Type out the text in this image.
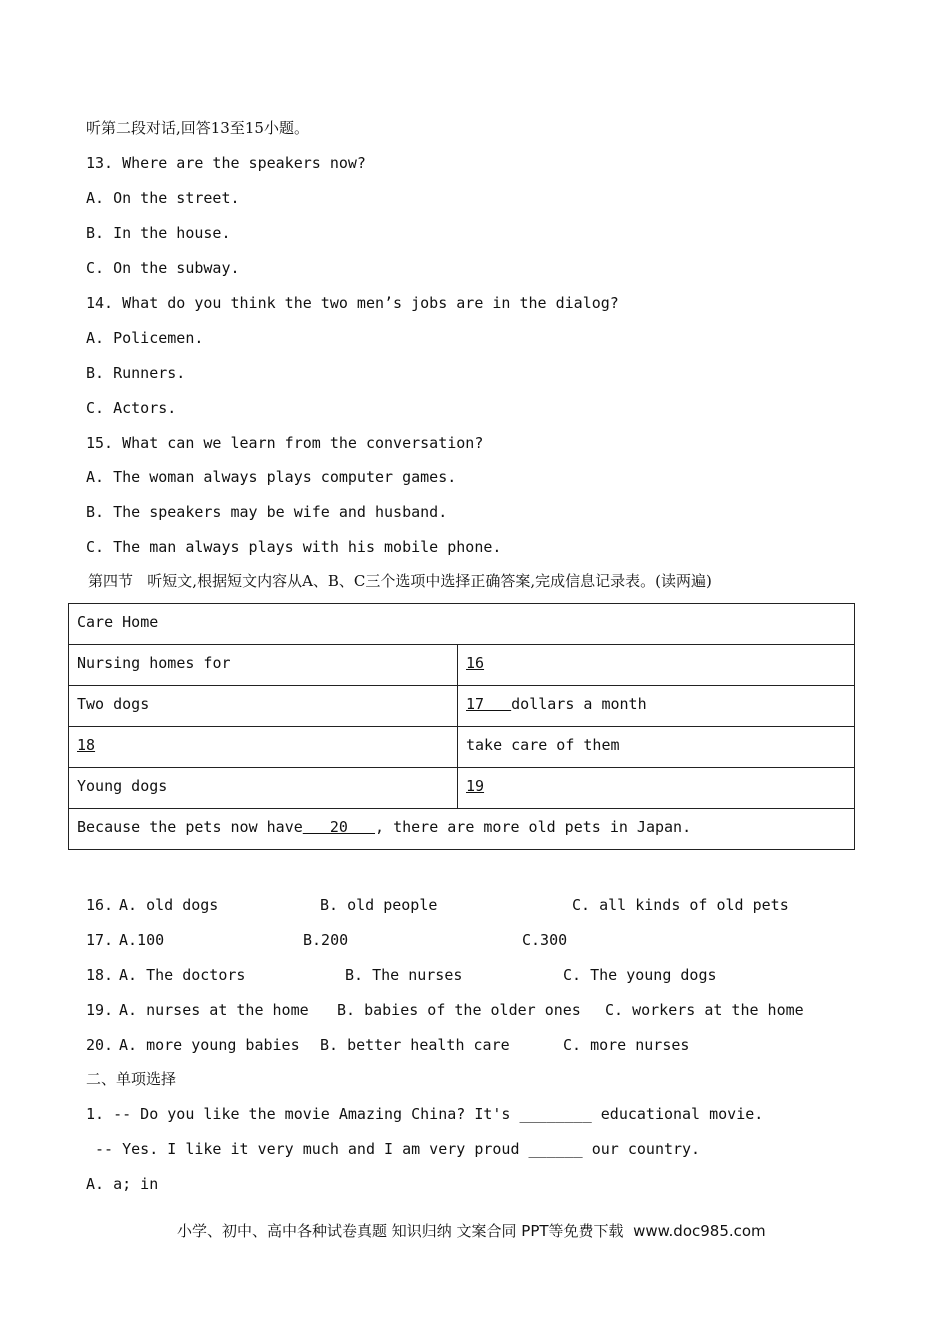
听第二段对话,回答13至15小题。
13. Where are the speakers now?
A. On the street.
B. In the house.
C. On the subway.
14. What do you think the two men’s jobs are in the dialog?
A. Policemen.
B. Runners.
C. Actors.
15. What can we learn from the conversation?
A. The woman always plays computer games.
B. The speakers may be wife and husband.
C. The man always plays with his mobile phone.
第四节   听短文,根据短文内容从A、B、C三个选项中选择正确答案,完成信息记录表。(读两遍)
Care Home	
Nursing homes for	16
Two dogs	17   dollars a month
18	take care of them
Young dogs	19
Because the pets now have   20   , there are more old pets in Japan.	
16. A. old dogs	B. old people	C. all kinds of old pets
17. A.100	B.200	C.300
18. A. The doctors	B. The nurses	C. The young dogs
19. A. nurses at the home B. babies of the older ones C. workers at the home
20. A. more young babies B. better health care	C. more nurses
二、单项选择
1. -- Do you like the movie Amazing China? It's ________ educational movie.
-- Yes. I like it very much and I am very proud ______ our country.
A. a; in
小学、初中、高中各种试卷真题 知识归纳 文案合同 PPT等免费下载  www.doc985.com
